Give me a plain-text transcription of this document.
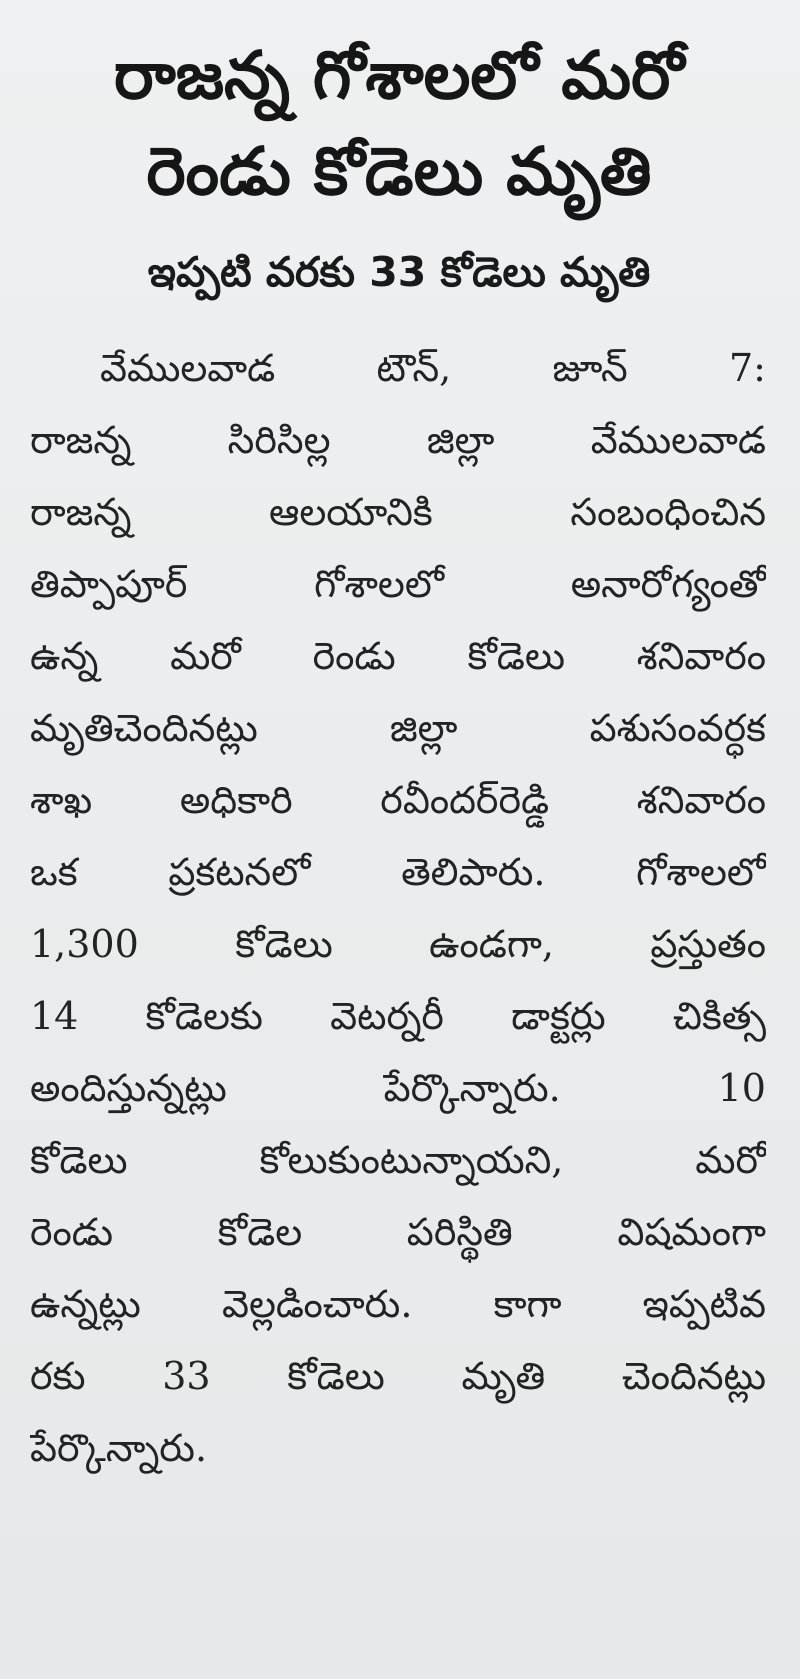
రాజన్న గోశాలలో మరో
రెండు కోడెలు మృతి
ఇప్పటి వరకు 33 కోడెలు మృతి
వేములవాడ టౌన్, జూన్ 7:
రాజన్న సిరిసిల్ల జిల్లా వేములవాడ
రాజన్న ఆలయానికి సంబంధించిన
తిప్పాపూర్ గోశాలలో అనారోగ్యంతో
ఉన్న మరో రెండు కోడెలు శనివారం
మృతిచెందినట్లు జిల్లా పశుసంవర్ధక
శాఖ అధికారి రవీందర్‌రెడ్డి శనివారం
ఒక ప్రకటనలో తెలిపారు. గోశాలలో
1,300 కోడెలు ఉండగా, ప్రస్తుతం
14 కోడెలకు వెటర్నరీ డాక్టర్లు చికిత్స
అందిస్తున్నట్లు పేర్కొన్నారు. 10
కోడెలు కోలుకుంటున్నాయని, మరో
రెండు కోడెల పరిస్థితి విషమంగా
ఉన్నట్లు వెల్లడించారు. కాగా ఇప్పటివ
రకు 33 కోడెలు మృతి చెందినట్లు
పేర్కొన్నారు.
